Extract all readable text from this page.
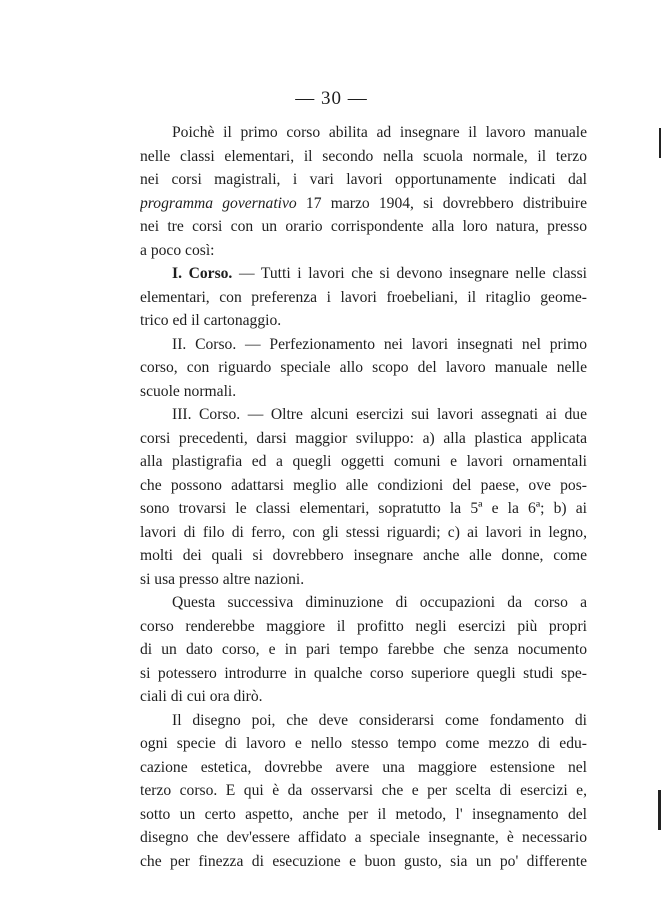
— 30 —
Poichè il primo corso abilita ad insegnare il lavoro manuale
nelle classi elementari, il secondo nella scuola normale, il terzo
nei corsi magistrali, i vari lavori opportunamente indicati dal
programma governativo 17 marzo 1904, si dovrebbero distribuire
nei tre corsi con un orario corrispondente alla loro natura, presso
a poco così:
I. Corso. — Tutti i lavori che si devono insegnare nelle classi
elementari, con preferenza i lavori froebeliani, il ritaglio geome-
trico ed il cartonaggio.
II. Corso. — Perfezionamento nei lavori insegnati nel primo
corso, con riguardo speciale allo scopo del lavoro manuale nelle
scuole normali.
III. Corso. — Oltre alcuni esercizi sui lavori assegnati ai due
corsi precedenti, darsi maggior sviluppo: a) alla plastica applicata
alla plastigrafia ed a quegli oggetti comuni e lavori ornamentali
che possono adattarsi meglio alle condizioni del paese, ove pos-
sono trovarsi le classi elementari, sopratutto la 5ª e la 6ª; b) ai
lavori di filo di ferro, con gli stessi riguardi; c) ai lavori in legno,
molti dei quali si dovrebbero insegnare anche alle donne, come
si usa presso altre nazioni.
Questa successiva diminuzione di occupazioni da corso a
corso renderebbe maggiore il profitto negli esercizi più propri
di un dato corso, e in pari tempo farebbe che senza nocumento
si potessero introdurre in qualche corso superiore quegli studi spe-
ciali di cui ora dirò.
Il disegno poi, che deve considerarsi come fondamento di
ogni specie di lavoro e nello stesso tempo come mezzo di edu-
cazione estetica, dovrebbe avere una maggiore estensione nel
terzo corso. E qui è da osservarsi che e per scelta di esercizi e,
sotto un certo aspetto, anche per il metodo, l' insegnamento del
disegno che dev'essere affidato a speciale insegnante, è necessario
che per finezza di esecuzione e buon gusto, sia un po' differente
